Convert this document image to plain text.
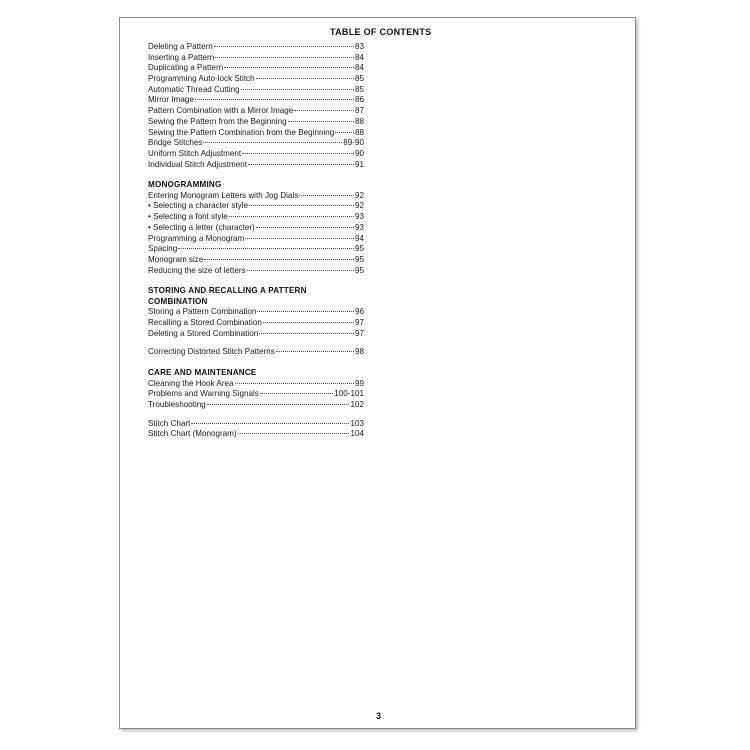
TABLE OF CONTENTS
Deleting a Pattern	83
Inserting a Pattern	84
Duplicating a Pattern	84
Programming Auto-lock Stitch	85
Automatic Thread Cutting	85
Mirror Image	86
Pattern Combination with a Mirror Image	87
Sewing the Pattern from the Beginning	88
Sewing the Pattern Combination from the Beginning	88
Bridge Stitches	89-90
Uniform Stitch Adjustment	90
Individual Stitch Adjustment	91
MONOGRAMMING
Entering Monogram Letters with Jog Dials	92
• Selecting a character style	92
• Selecting a font style	93
• Selecting a letter (character)	93
Programming a Monogram	94
Spacing	95
Monogram size	95
Reducing the size of letters	95
STORING AND RECALLING A PATTERN
COMBINATION
Storing a Pattern Combination	96
Recalling a Stored Combination	97
Deleting a Stored Combination	97
Correcting Distorted Stitch Patterns	98
CARE AND MAINTENANCE
Cleaning the Hook Area	99
Problems and Warning Signals	100-101
Troubleshooting	102
Stitch Chart	103
Stitch Chart (Monogram)	104
3
